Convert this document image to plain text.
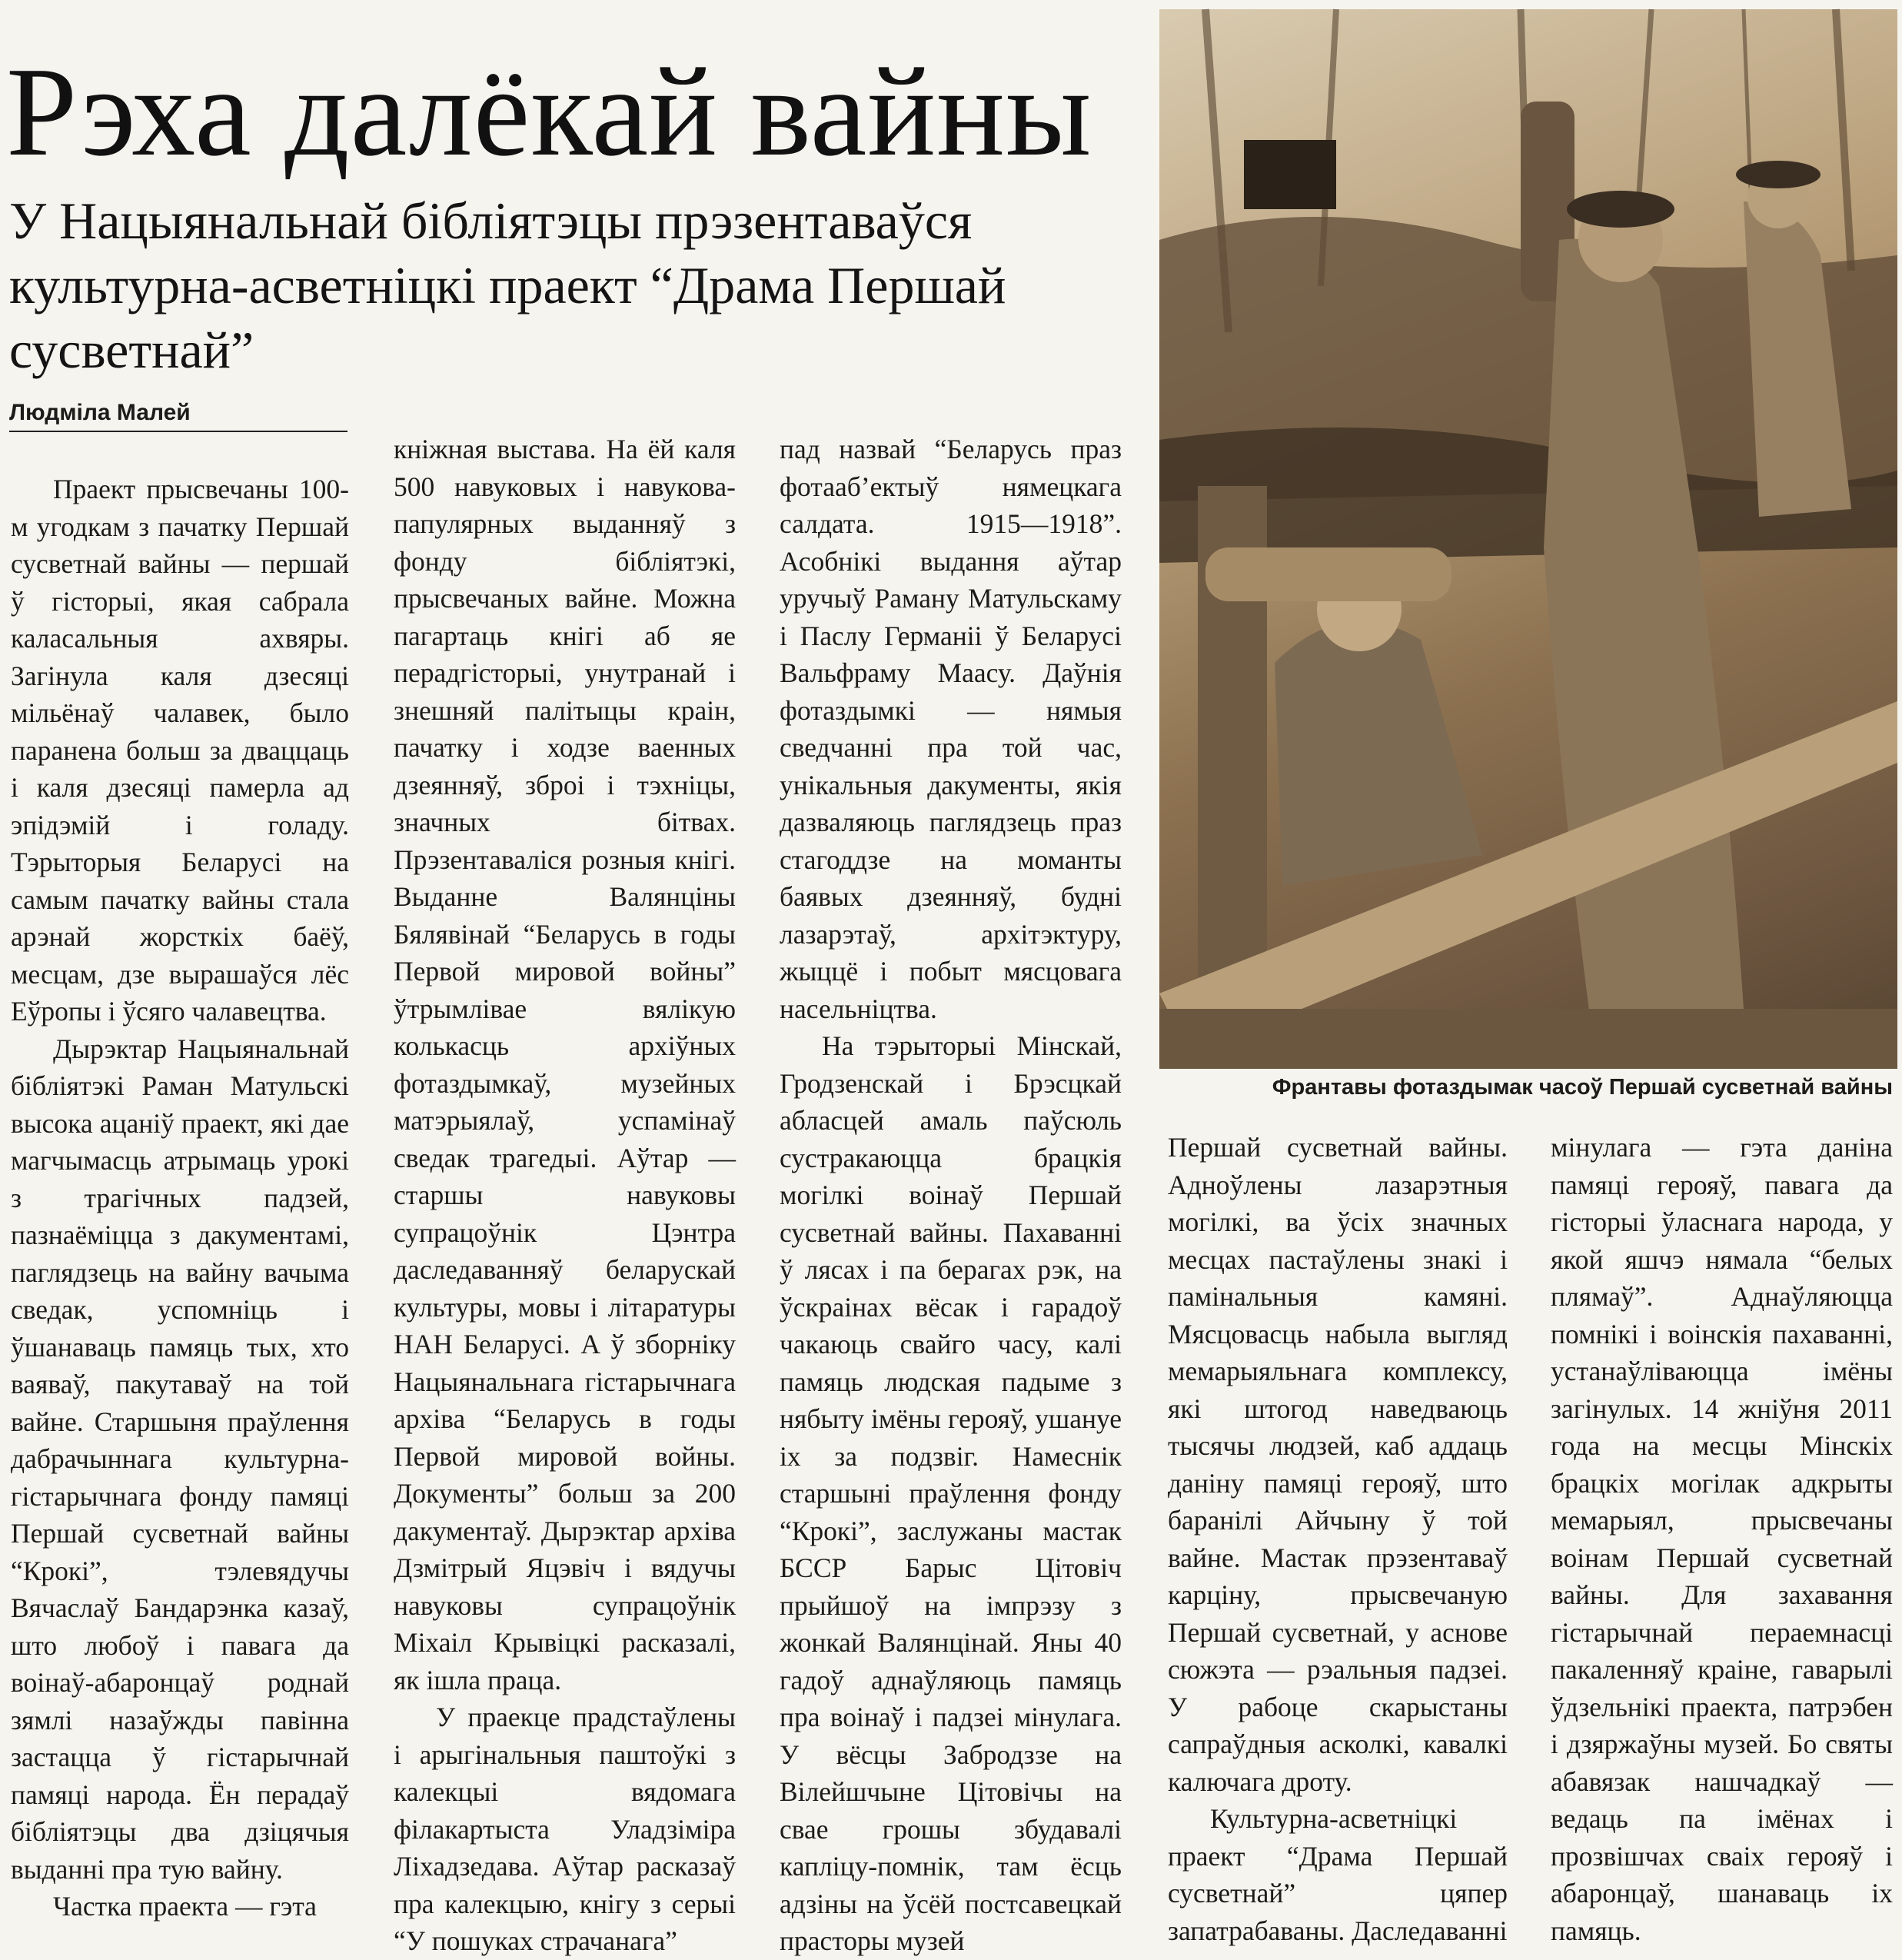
Рэха далёкай вайны
У Нацыянальнай бібліятэцы прэзентаваўся культурна-асветніцкі праект “Драма Першай сусветнай”
Людміла Малей

Праект прысвечаны 100-м угодкам з пачатку Першай сусветнай вайны — першай ў гісторыі, якая сабрала каласальныя ахвяры. Загінула каля дзесяці мільёнаў чалавек, было паранена больш за дваццаць і каля дзесяці памерла ад эпідэмій і голаду. Тэрыторыя Беларусі на самым пачатку вайны стала арэнай жорсткіх баёў, месцам, дзе вырашаўся лёс Еўропы і ўсяго чалавецтва.

Дырэктар Нацыянальнай бібліятэкі Раман Матульскі высока ацаніў праект, які дае магчымасць атрымаць урокі з трагічных падзей, пазнаёміцца з дакументамі, паглядзець на вайну вачыма сведак, успомніць і ўшанаваць памяць тых, хто ваяваў, пакутаваў на той вайне. Старшыня праўлення дабрачыннага культурна-гістарычнага фонду памяці Першай сусветнай вайны “Крокі”, тэлевядучы Вячаслаў Бандарэнка казаў, што любоў і павага да воінаў-абаронцаў роднай зямлі назаўжды павінна застацца ў гістарычнай памяці народа. Ён перадаў бібліятэцы два дзіцячыя выданні пра тую вайну.

Частка праекта — гэта

кніжная выстава. На ёй каля 500 навуковых і навукова-папулярных выданняў з фонду бібліятэкі, прысвечаных вайне. Можна пагартаць кнігі аб яе перадгісторыі, унутранай і знешняй палітыцы краін, пачатку і ходзе ваенных дзеянняў, зброі і тэхніцы, значных бітвах. Прэзентаваліся розныя кнігі. Выданне Валянціны Бялявінай “Беларусь в годы Первой мировой войны” ўтрымлівае вялікую колькасць архіўных фотаздымкаў, музейных матэрыялаў, успамінаў сведак трагедыі. Аўтар — старшы навуковы супрацоўнік Цэнтра даследаванняў беларускай культуры, мовы і літаратуры НАН Беларусі. А ў зборніку Нацыянальнага гістарычнага архіва “Беларусь в годы Первой мировой войны. Документы” больш за 200 дакументаў. Дырэктар архіва Дзмітрый Яцэвіч і вядучы навуковы супрацоўнік Міхаіл Крывіцкі расказалі, як ішла праца.

У праекце прадстаўлены і арыгінальныя паштоўкі з калекцыі вядомага філакартыста Уладзіміра Ліхадзедава. Аўтар расказаў пра калекцыю, кнігу з серыі “У пошуках страчанага”

пад назвай “Беларусь праз фотааб’ектыў нямецкага салдата. 1915—1918”. Асобнікі выдання аўтар уручыў Раману Матульскаму і Паслу Германіі ў Беларусі Вальфраму Маасу. Даўнія фотаздымкі — нямыя сведчанні пра той час, унікальныя дакументы, якія дазваляюць паглядзець праз стагоддзе на моманты баявых дзеянняў, будні лазарэтаў, архітэктуру, жыццё і побыт мясцовага насельніцтва.

На тэрыторыі Мінскай, Гродзенскай і Брэсцкай абласцей амаль паўсюль сустракаюцца брацкія могілкі воінаў Першай сусветнай вайны. Пахаванні ў лясах і па берагах рэк, на ўскраінах вёсак і гарадоў чакаюць свайго часу, калі памяць людская падыме з нябыту імёны герояў, ушануе іх за подзвіг. Намеснік старшыні праўлення фонду “Крокі”, заслужаны мастак БССР Барыс Цітовіч прыйшоў на імпрэзу з жонкай Валянцінай. Яны 40 гадоў аднаўляюць памяць пра воінаў і падзеі мінулага. У вёсцы Забродззе на Вілейшчыне Цітовічы на свае грошы збудавалі капліцу-помнік, там ёсць адзіны на ўсёй постсавецкай прасторы музей

Франтавы фотаздымак часоў Першай сусветнай вайны

Першай сусветнай вайны. Адноўлены лазарэтныя могілкі, ва ўсіх значных месцах пастаўлены знакі і памінальныя камяні. Мясцовасць набыла выгляд мемарыяльнага комплексу, які штогод наведваюць тысячы людзей, каб аддаць даніну памяці герояў, што баранілі Айчыну ў той вайне. Мастак прэзентаваў карціну, прысвечаную Першай сусветнай, у аснове сюжэта — рэальныя падзеі. У рабоце скарыстаны сапраўдныя асколкі, кавалкі калючага дроту.

Культурна-асветніцкі праект “Драма Першай сусветнай” цяпер запатрабаваны. Даследаванні

мінулага — гэта даніна памяці герояў, павага да гісторыі ўласнага народа, у якой яшчэ нямала “белых плямаў”. Аднаўляюцца помнікі і воінскія пахаванні, устанаўліваюцца імёны загінулых. 14 жніўня 2011 года на месцы Мінскіх брацкіх могілак адкрыты мемарыял, прысвечаны воінам Першай сусветнай вайны. Для захавання гістарычнай пераемнасці пакаленняў краіне, гаварылі ўдзельнікі праекта, патрэбен і дзяржаўны музей. Бо святы абавязак нашчадкаў — ведаць па імёнах і прозвішчах сваіх герояў і абаронцаў, шанаваць іх памяць.
